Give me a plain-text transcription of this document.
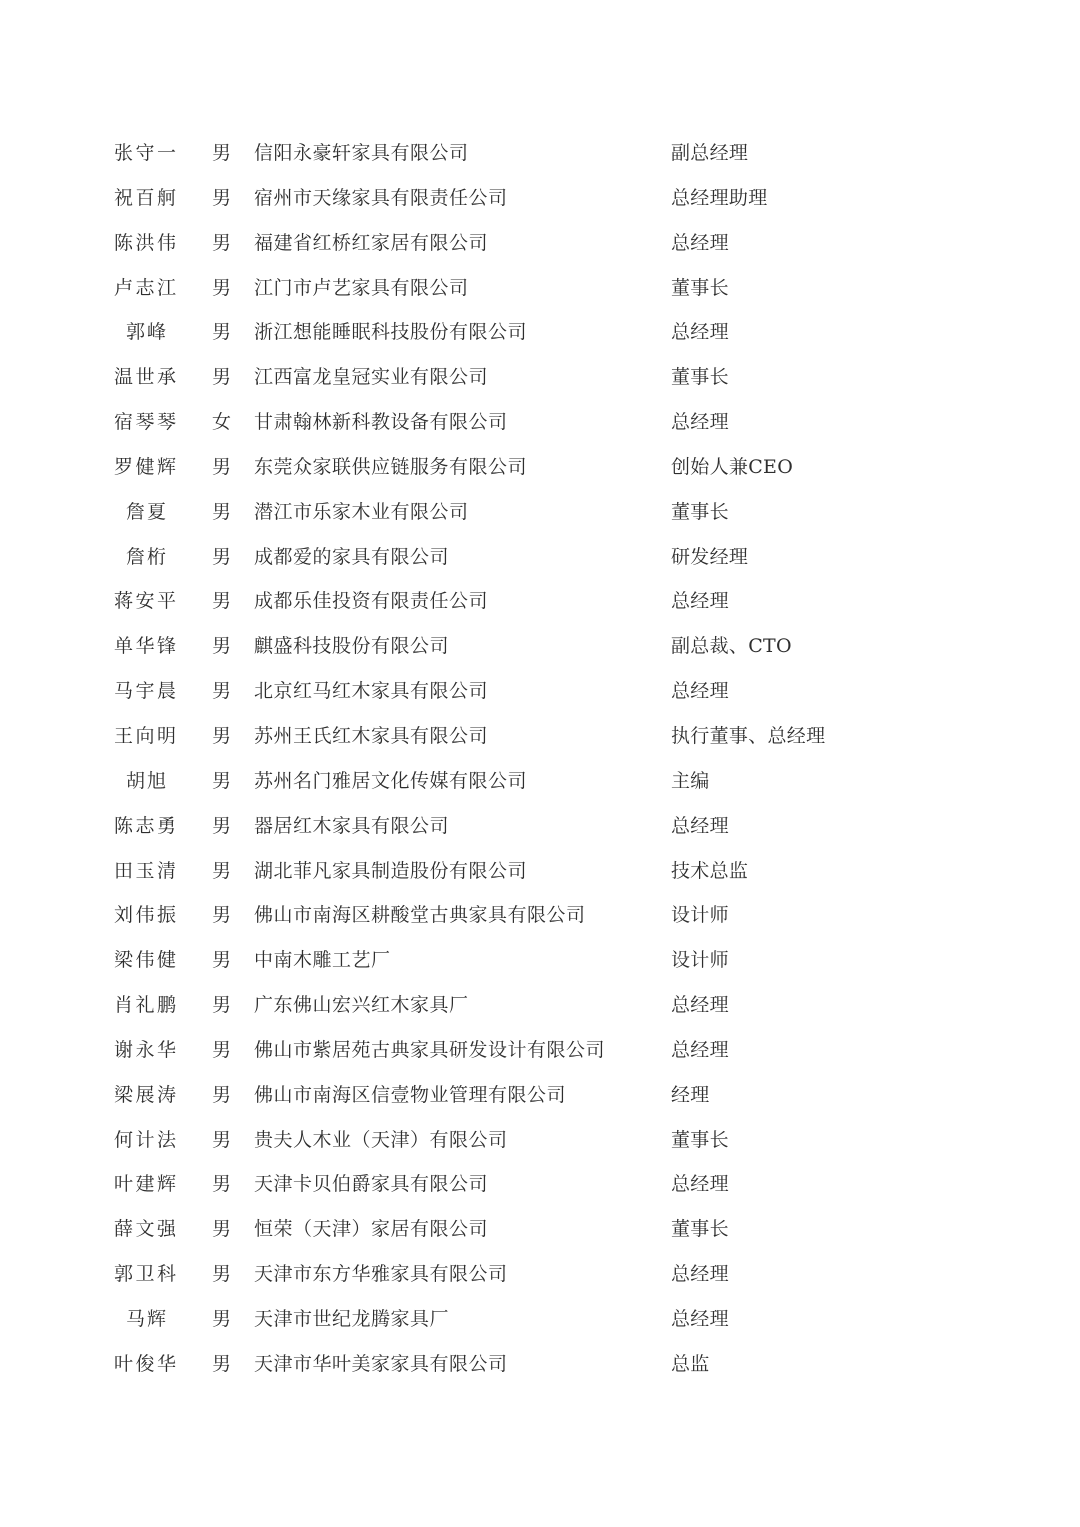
张守一 男 信阳永豪轩家具有限公司	副总经理
祝百舸 男 宿州市天缘家具有限责任公司	总经理助理
陈洪伟 男 福建省红桥红家居有限公司	总经理
卢志江 男 江门市卢艺家具有限公司	董事长
郭峰 男 浙江想能睡眠科技股份有限公司	总经理
温世承 男 江西富龙皇冠实业有限公司	董事长
宿琴琴 女 甘肃翰林新科教设备有限公司	总经理
罗健辉 男 东莞众家联供应链服务有限公司	创始人兼CEO
詹夏 男 潜江市乐家木业有限公司	董事长
詹桁 男 成都爱的家具有限公司	研发经理
蒋安平 男 成都乐佳投资有限责任公司	总经理
单华锋 男 麒盛科技股份有限公司	副总裁、CTO
马宇晨 男 北京红马红木家具有限公司	总经理
王向明 男 苏州王氏红木家具有限公司	执行董事、总经理
胡旭 男 苏州名门雅居文化传媒有限公司	主编
陈志勇 男 器居红木家具有限公司	总经理
田玉清 男 湖北菲凡家具制造股份有限公司	技术总监
刘伟振 男 佛山市南海区耕酸堂古典家具有限公司	设计师
梁伟健 男 中南木雕工艺厂	设计师
肖礼鹏 男 广东佛山宏兴红木家具厂	总经理
谢永华 男 佛山市紫居苑古典家具研发设计有限公司	总经理
梁展涛 男 佛山市南海区信壹物业管理有限公司	经理
何计法 男 贵夫人木业（天津）有限公司	董事长
叶建辉 男 天津卡贝伯爵家具有限公司	总经理
薛文强 男 恒荣（天津）家居有限公司	董事长
郭卫科 男 天津市东方华雅家具有限公司	总经理
马辉 男 天津市世纪龙腾家具厂	总经理
叶俊华 男 天津市华叶美家家具有限公司	总监
